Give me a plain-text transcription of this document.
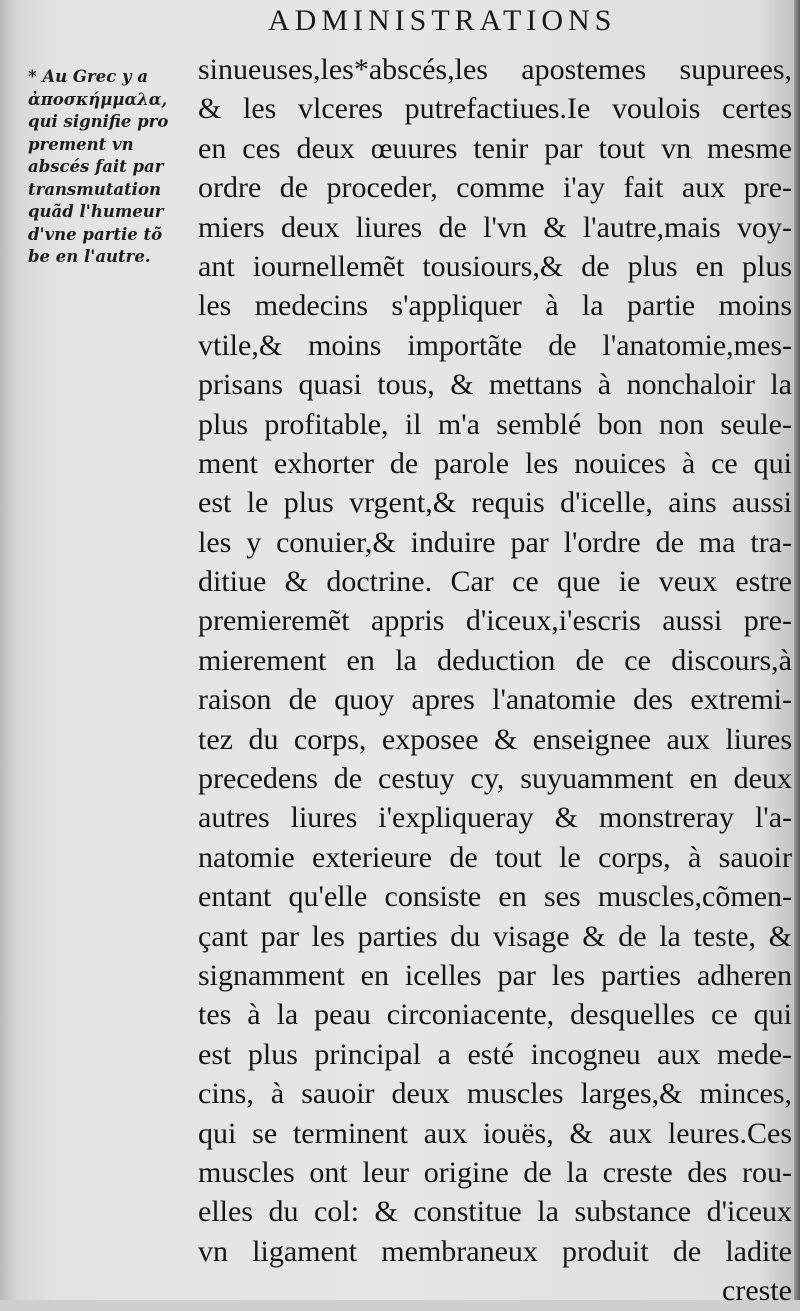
ADMINISTRATIONS
* Au Grec y a
ἀποσκήμμαλα,
qui signifie pro
prement vn
abscés fait par
transmutation
quãd l'humeur
d'vne partie tõ
be en l'autre.
sinueuses,les*abscés,les apostemes supurees,
& les vlceres putrefactiues.Ie voulois certes
en ces deux œuures tenir par tout vn mesme
ordre de proceder, comme i'ay fait aux pre-
miers deux liures de l'vn & l'autre,mais voy-
ant iournellemẽt tousiours,& de plus en plus
les medecins s'appliquer à la partie moins
vtile,& moins importãte de l'anatomie,mes-
prisans quasi tous, & mettans à nonchaloir la
plus profitable, il m'a semblé bon non seule-
ment exhorter de parole les nouices à ce qui
est le plus vrgent,& requis d'icelle, ains aussi
les y conuier,& induire par l'ordre de ma tra-
ditiue & doctrine. Car ce que ie veux estre
premieremẽt appris d'iceux,i'escris aussi pre-
mierement en la deduction de ce discours,à
raison de quoy apres l'anatomie des extremi-
tez du corps, exposee & enseignee aux liures
precedens de cestuy cy, suyuamment en deux
autres liures i'expliqueray & monstreray l'a-
natomie exterieure de tout le corps, à sauoir
entant qu'elle consiste en ses muscles,cõmen-
çant par les parties du visage & de la teste, &
signamment en icelles par les parties adheren
tes à la peau circoniacente, desquelles ce qui
est plus principal a esté incogneu aux mede-
cins, à sauoir deux muscles larges,& minces,
qui se terminent aux iouës, & aux leures.Ces
muscles ont leur origine de la creste des rou-
elles du col: & constitue la substance d'iceux
vn ligament membraneux produit de ladite
creste
